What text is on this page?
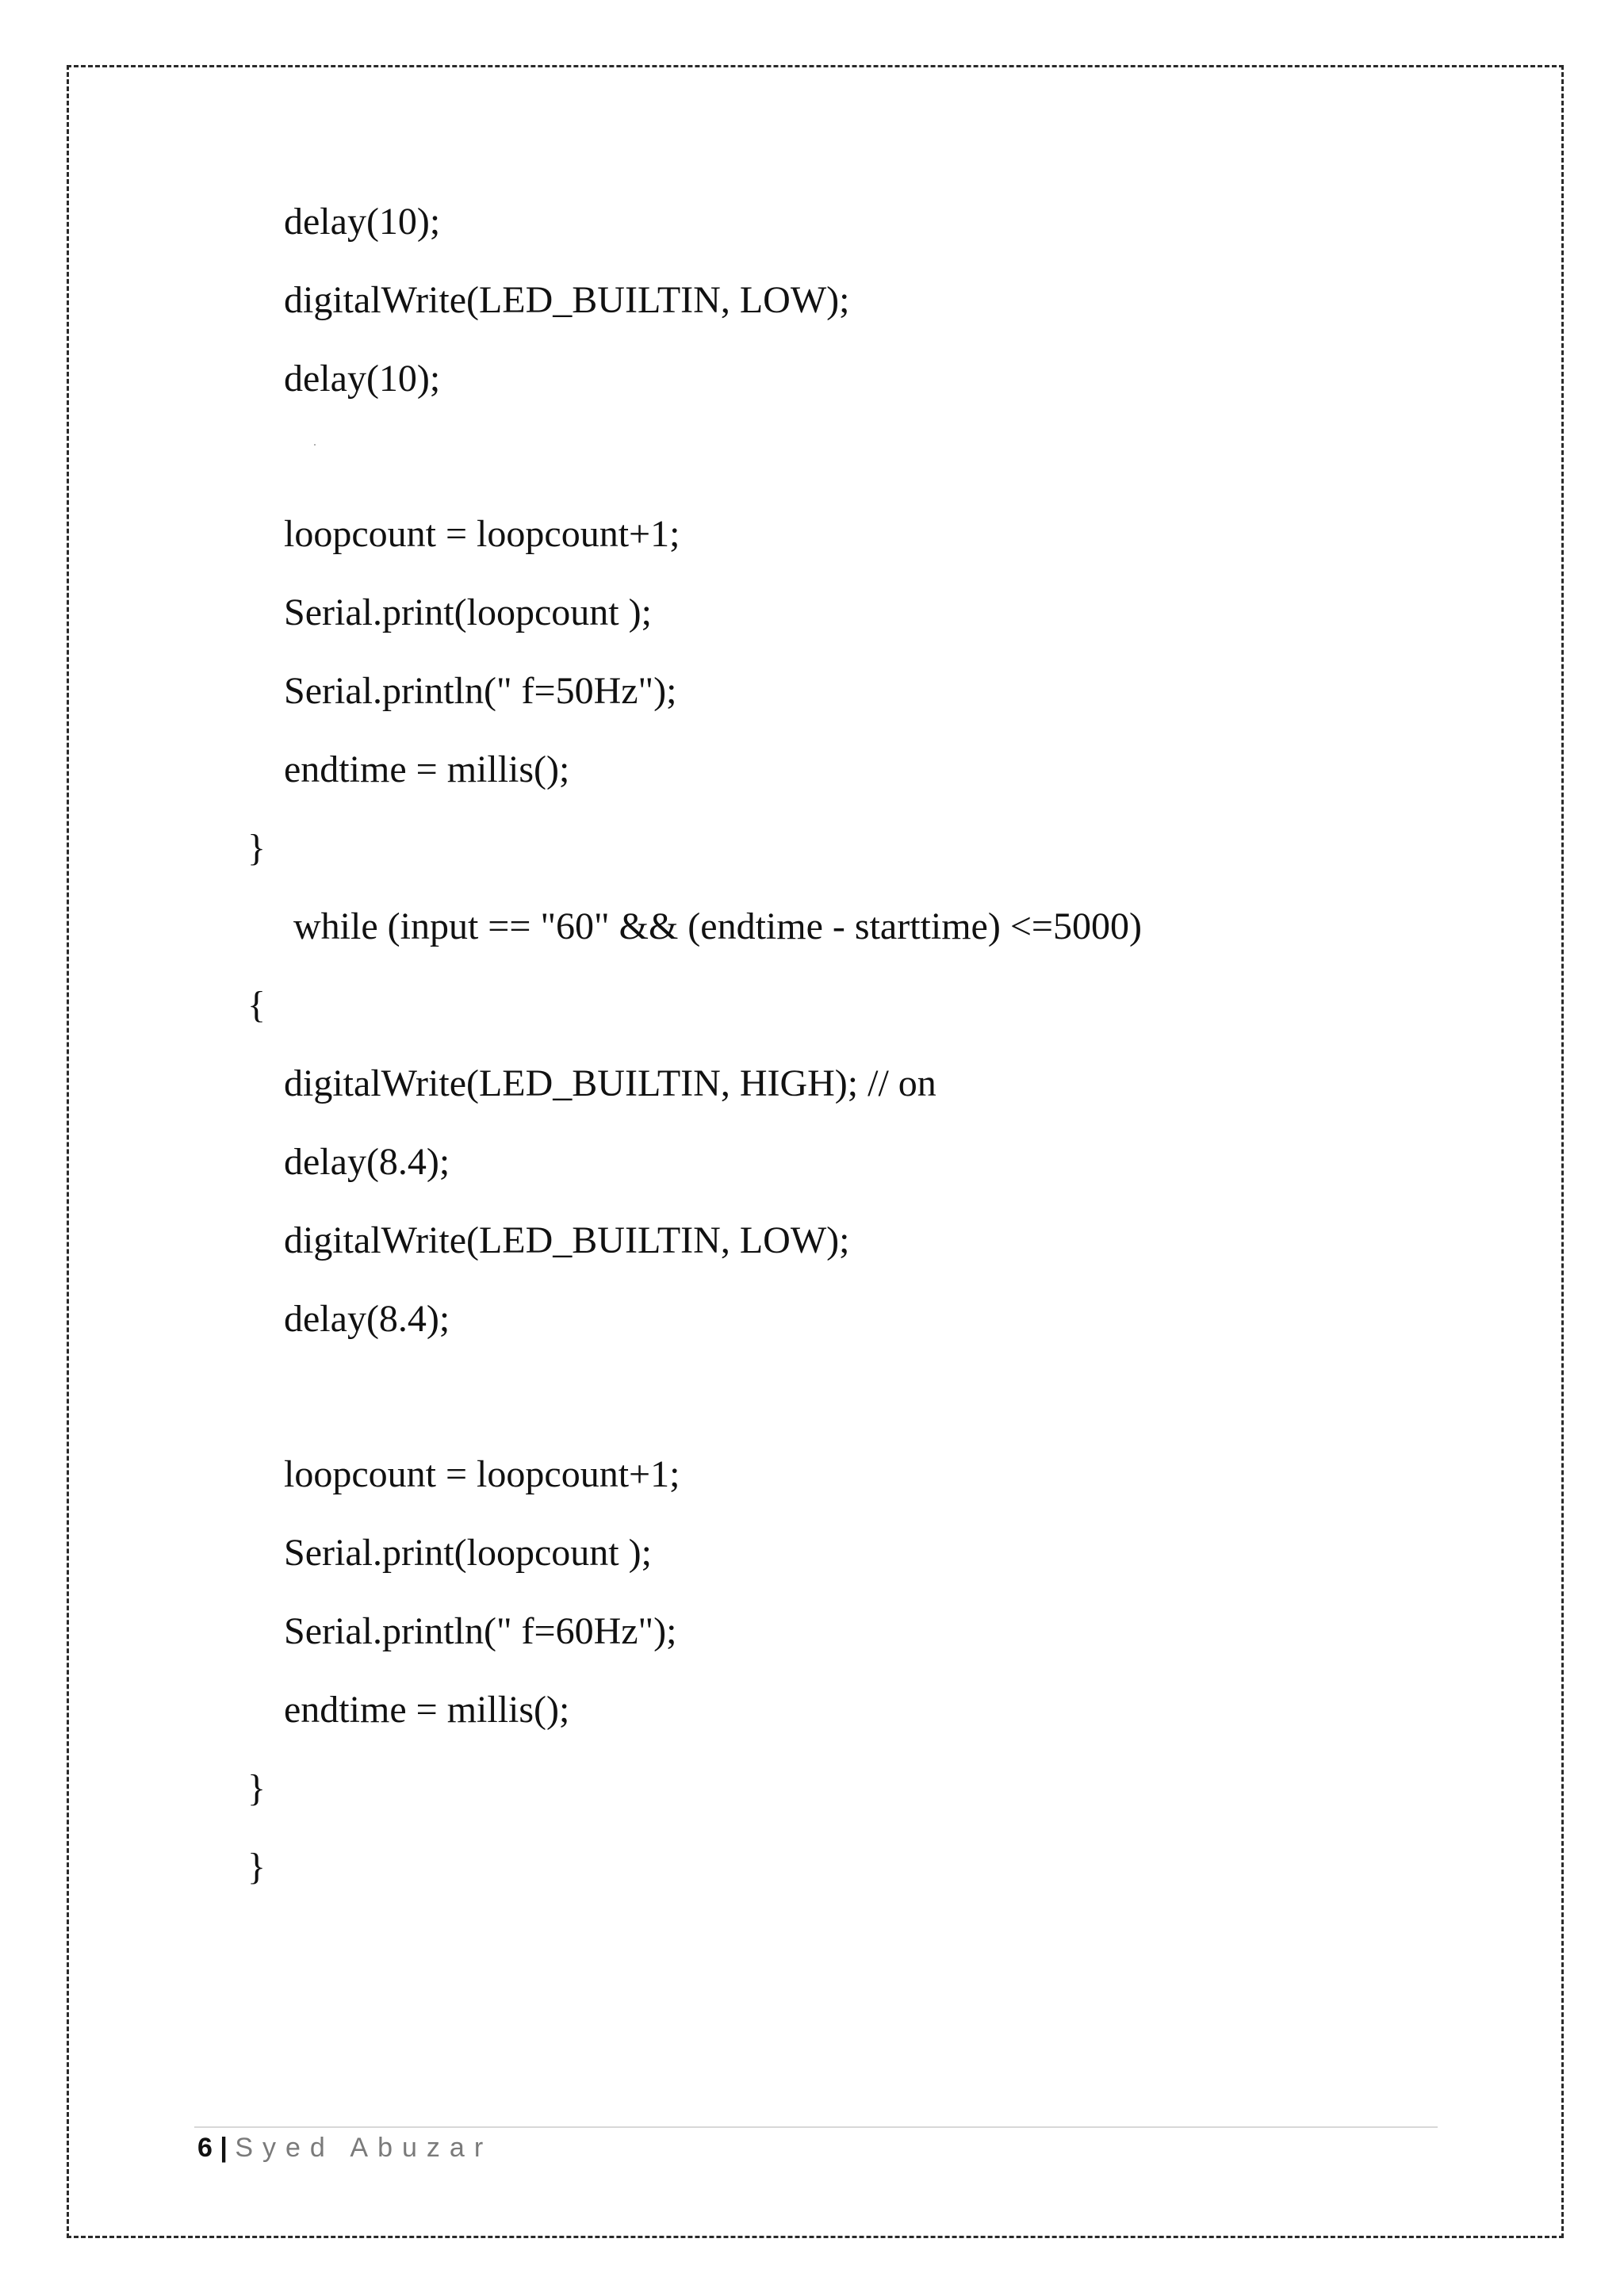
delay(10);
digitalWrite(LED_BUILTIN, LOW);
delay(10);
loopcount = loopcount+1;
Serial.print(loopcount );
Serial.println(" f=50Hz");
endtime = millis();
}
while (input == "60" && (endtime - starttime) <=5000)
{
digitalWrite(LED_BUILTIN, HIGH); // on
delay(8.4);
digitalWrite(LED_BUILTIN, LOW);
delay(8.4);
loopcount = loopcount+1;
Serial.print(loopcount );
Serial.println(" f=60Hz");
endtime = millis();
}
}
6 | Syed Abuzar
